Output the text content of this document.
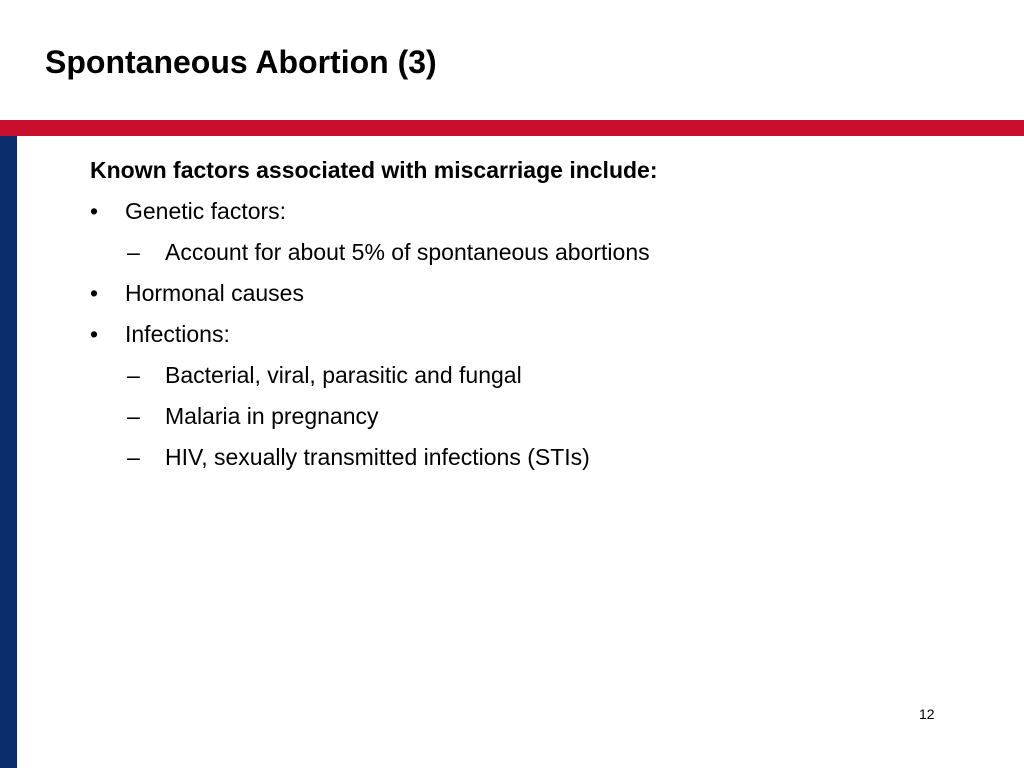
Spontaneous Abortion (3)
Known factors associated with miscarriage include:
•	Genetic factors:
–	Account for about 5% of spontaneous abortions
•	Hormonal causes
•	Infections:
–	Bacterial, viral, parasitic and fungal
–	Malaria in pregnancy
–	HIV, sexually transmitted infections (STIs)
12
